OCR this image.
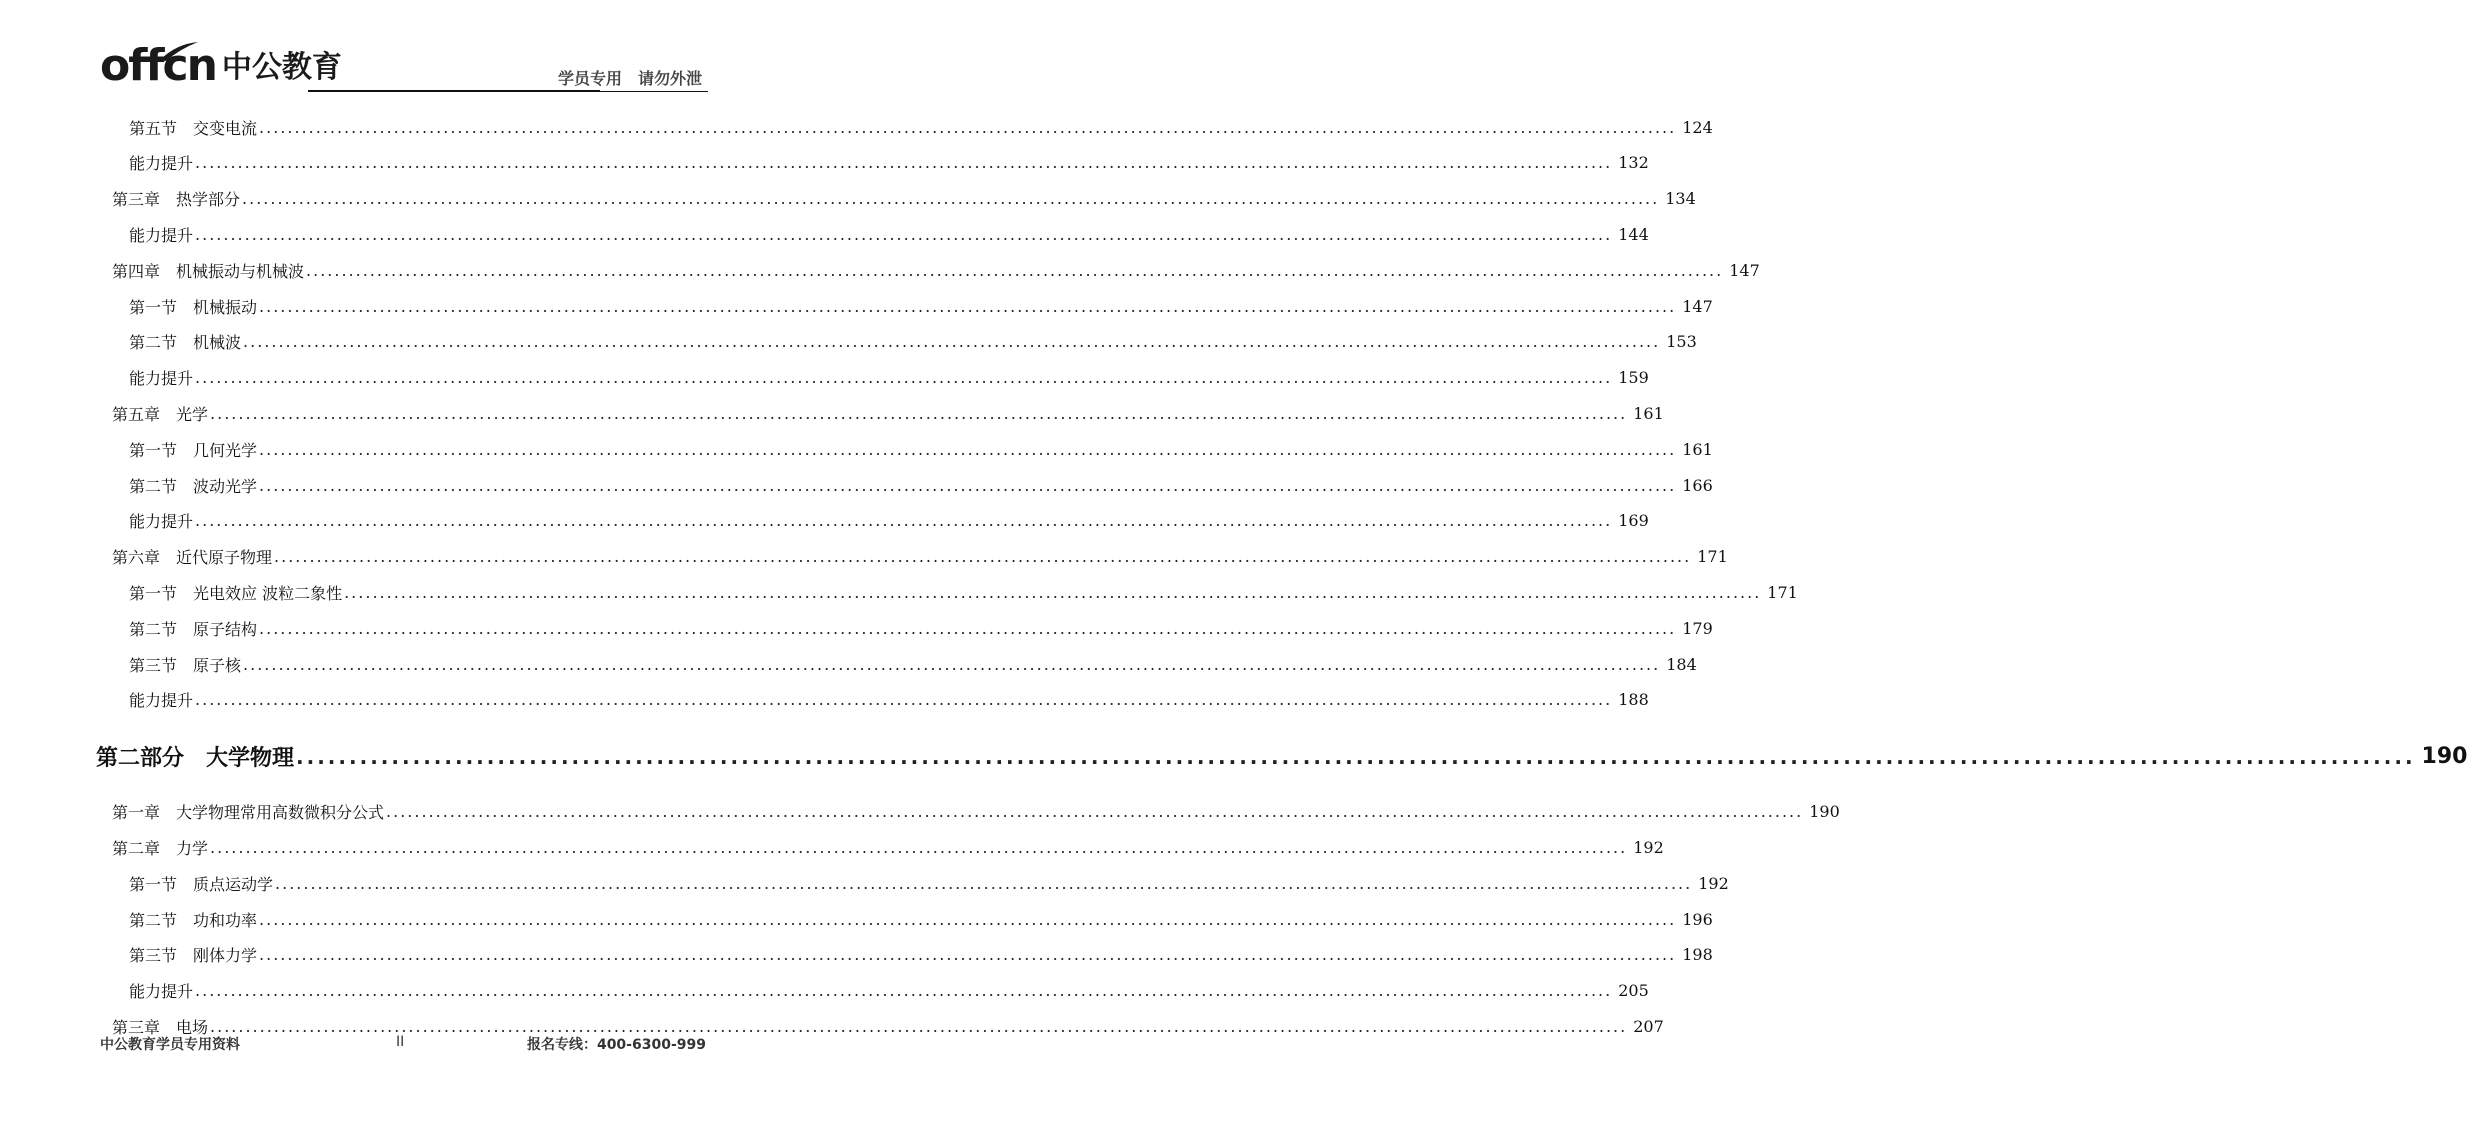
offcn 中公教育	学员专用　请勿外泄
第五节　交变电流 ........................................................................................................................................................................................................ 124
能力提升 ........................................................................................................................................................................................................ 132
第三章　热学部分 ........................................................................................................................................................................................................ 134
能力提升 ........................................................................................................................................................................................................ 144
第四章　机械振动与机械波 ........................................................................................................................................................................................................ 147
第一节　机械振动 ........................................................................................................................................................................................................ 147
第二节　机械波 ........................................................................................................................................................................................................ 153
能力提升 ........................................................................................................................................................................................................ 159
第五章　光学 ........................................................................................................................................................................................................ 161
第一节　几何光学 ........................................................................................................................................................................................................ 161
第二节　波动光学 ........................................................................................................................................................................................................ 166
能力提升 ........................................................................................................................................................................................................ 169
第六章　近代原子物理 ........................................................................................................................................................................................................ 171
第一节　光电效应 波粒二象性 ........................................................................................................................................................................................................ 171
第二节　原子结构 ........................................................................................................................................................................................................ 179
第三节　原子核 ........................................................................................................................................................................................................ 184
能力提升 ........................................................................................................................................................................................................ 188
第二部分　大学物理 ........................................................................................................................................................................................................ 190
第一章　大学物理常用高数微积分公式 ........................................................................................................................................................................................................ 190
第二章　力学 ........................................................................................................................................................................................................ 192
第一节　质点运动学 ........................................................................................................................................................................................................ 192
第二节　功和功率 ........................................................................................................................................................................................................ 196
第三节　刚体力学 ........................................................................................................................................................................................................ 198
能力提升 ........................................................................................................................................................................................................ 205
第三章　电场 ........................................................................................................................................................................................................ 207
中公教育学员专用资料	II	报名专线：400-6300-999
